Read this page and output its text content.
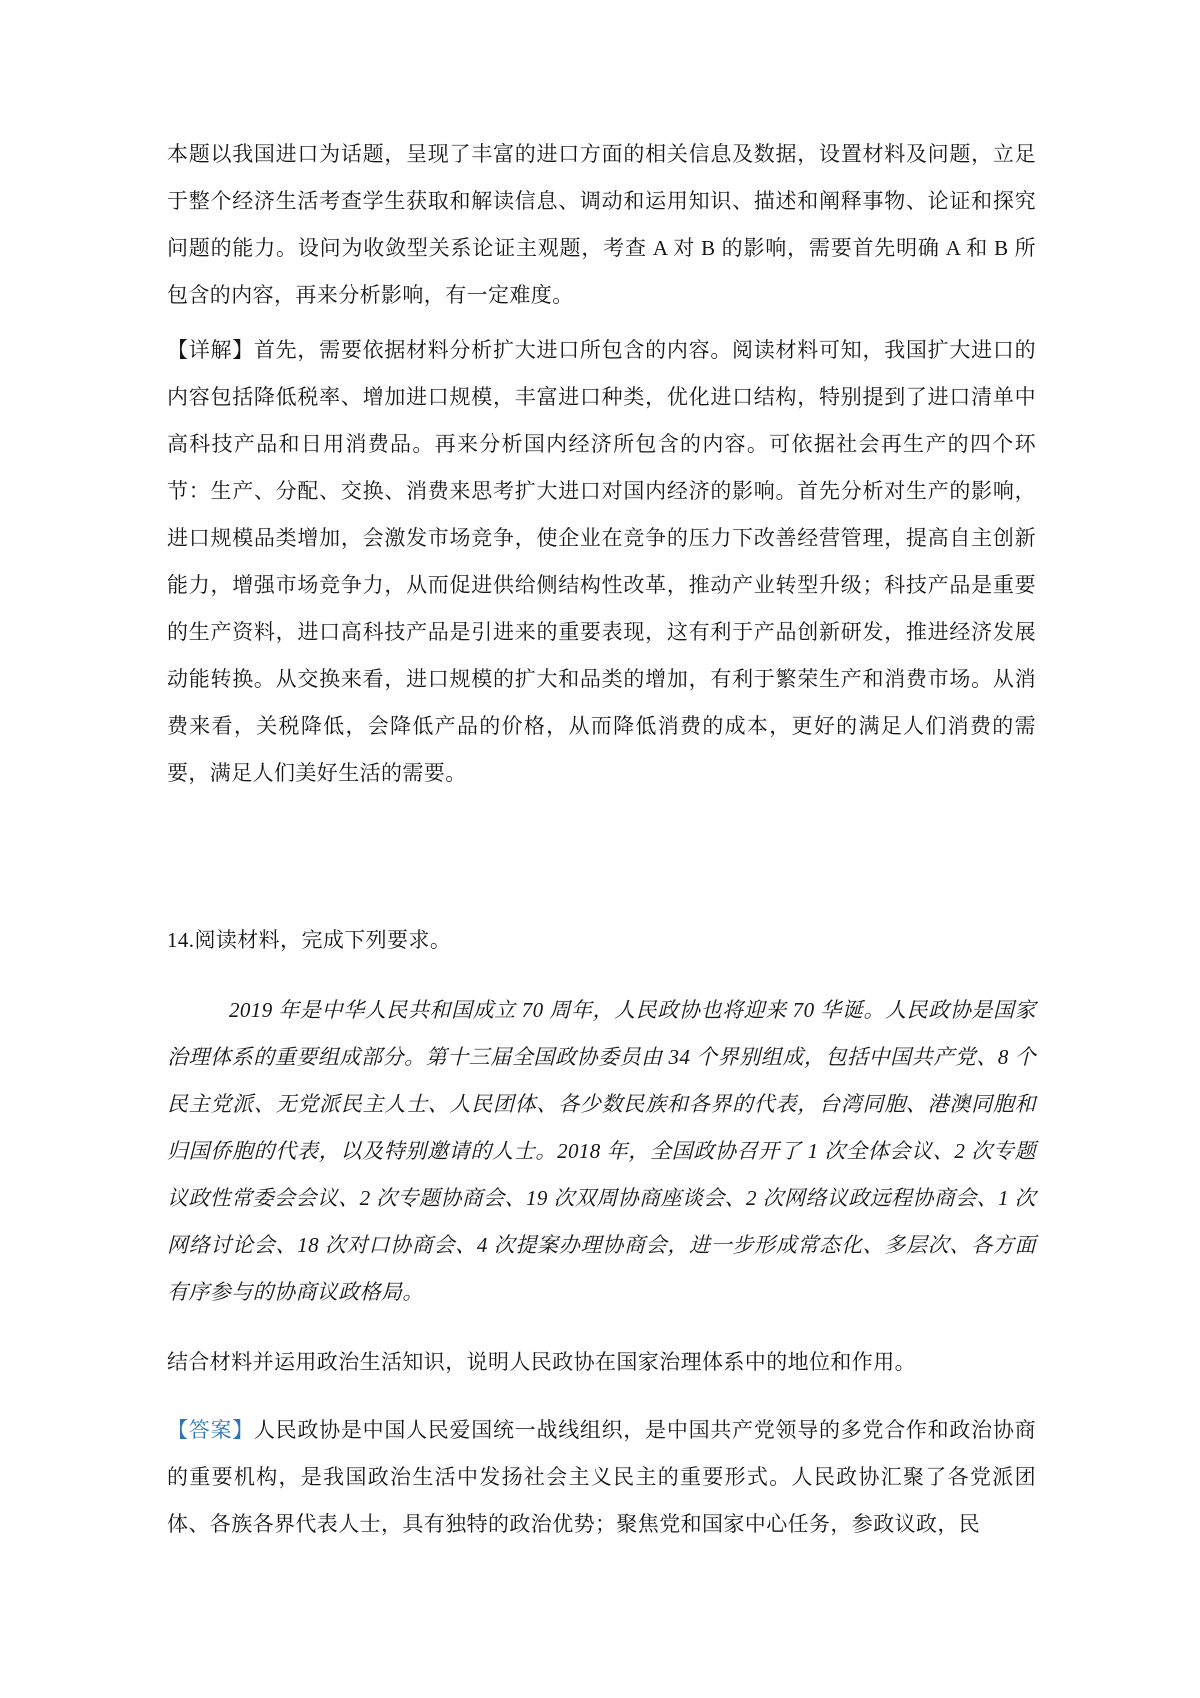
本题以我国进口为话题，呈现了丰富的进口方面的相关信息及数据，设置材料及问题，立足于整个经济生活考查学生获取和解读信息、调动和运用知识、描述和阐释事物、论证和探究问题的能力。设问为收敛型关系论证主观题，考查 A 对 B 的影响，需要首先明确 A 和 B 所包含的内容，再来分析影响，有一定难度。

【详解】首先，需要依据材料分析扩大进口所包含的内容。阅读材料可知，我国扩大进口的内容包括降低税率、增加进口规模，丰富进口种类，优化进口结构，特别提到了进口清单中高科技产品和日用消费品。再来分析国内经济所包含的内容。可依据社会再生产的四个环节：生产、分配、交换、消费来思考扩大进口对国内经济的影响。首先分析对生产的影响，进口规模品类增加，会激发市场竞争，使企业在竞争的压力下改善经营管理，提高自主创新能力，增强市场竞争力，从而促进供给侧结构性改革，推动产业转型升级；科技产品是重要的生产资料，进口高科技产品是引进来的重要表现，这有利于产品创新研发，推进经济发展动能转换。从交换来看，进口规模的扩大和品类的增加，有利于繁荣生产和消费市场。从消费来看，关税降低，会降低产品的价格，从而降低消费的成本，更好的满足人们消费的需要，满足人们美好生活的需要。

14.阅读材料，完成下列要求。

2019 年是中华人民共和国成立 70 周年，人民政协也将迎来 70 华诞。人民政协是国家治理体系的重要组成部分。第十三届全国政协委员由 34 个界别组成，包括中国共产党、8 个民主党派、无党派民主人士、人民团体、各少数民族和各界的代表，台湾同胞、港澳同胞和归国侨胞的代表，以及特别邀请的人士。2018 年，全国政协召开了 1 次全体会议、2 次专题议政性常委会会议、2 次专题协商会、19 次双周协商座谈会、2 次网络议政远程协商会、1 次网络讨论会、18 次对口协商会、4 次提案办理协商会，进一步形成常态化、多层次、各方面有序参与的协商议政格局。

结合材料并运用政治生活知识，说明人民政协在国家治理体系中的地位和作用。

【答案】人民政协是中国人民爱国统一战线组织，是中国共产党领导的多党合作和政治协商的重要机构，是我国政治生活中发扬社会主义民主的重要形式。人民政协汇聚了各党派团体、各族各界代表人士，具有独特的政治优势；聚焦党和国家中心任务，参政议政，民
